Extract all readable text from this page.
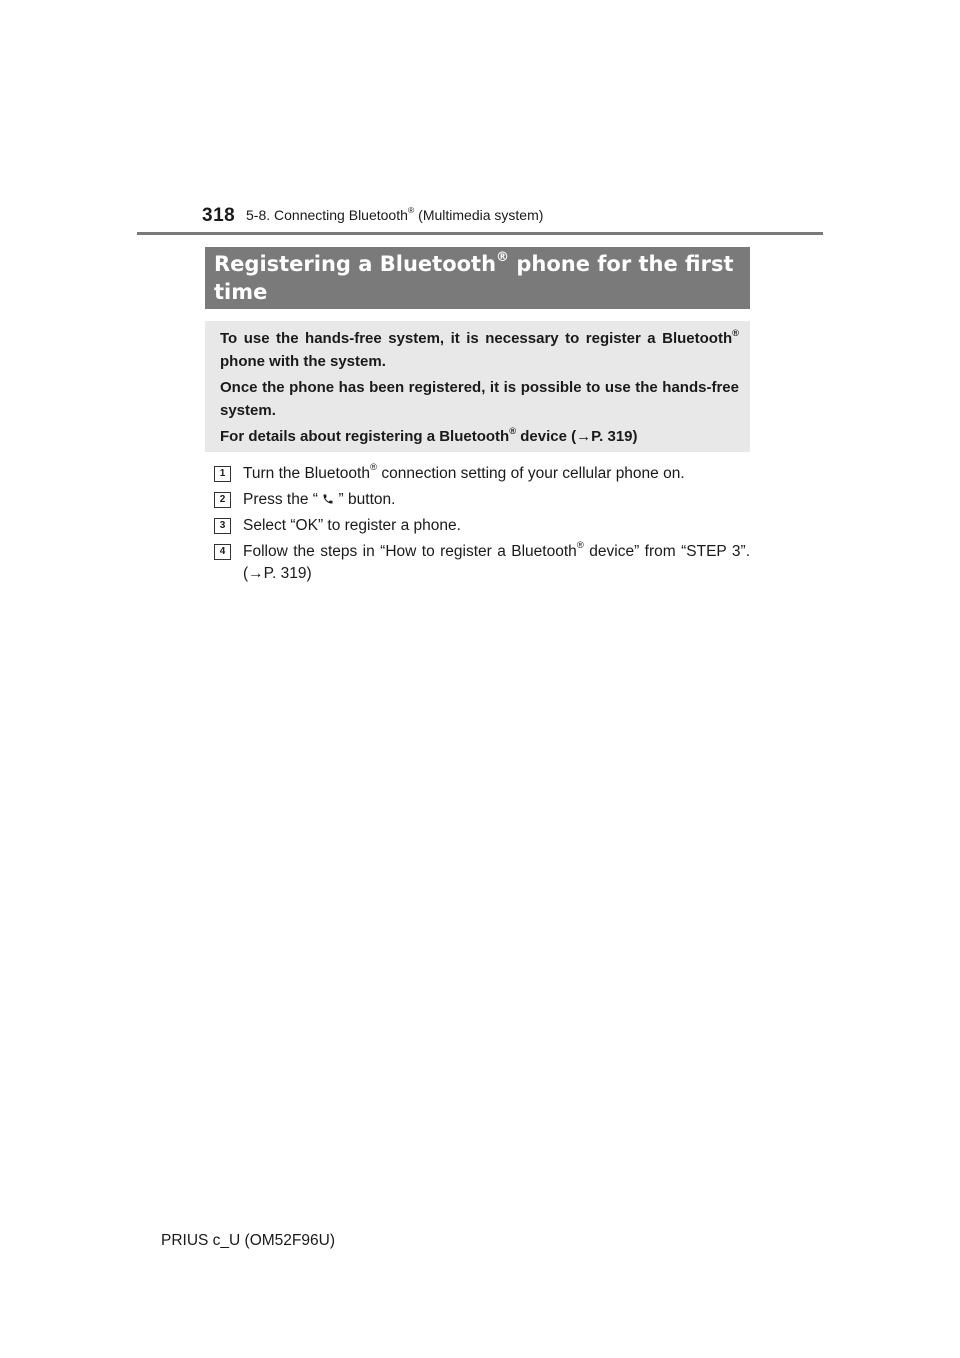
318 5-8. Connecting Bluetooth® (Multimedia system)
Registering a Bluetooth® phone for the first time

To use the hands-free system, it is necessary to register a Bluetooth® phone with the system.

Once the phone has been registered, it is possible to use the hands-free system.

For details about registering a Bluetooth® device (→P. 319)

1	Turn the Bluetooth® connection setting of your cellular phone on.
2	Press the “  ” button.
3	Select “OK” to register a phone.
4	Follow the steps in “How to register a Bluetooth® device” from “STEP 3”. (→P. 319)
PRIUS c_U (OM52F96U)
